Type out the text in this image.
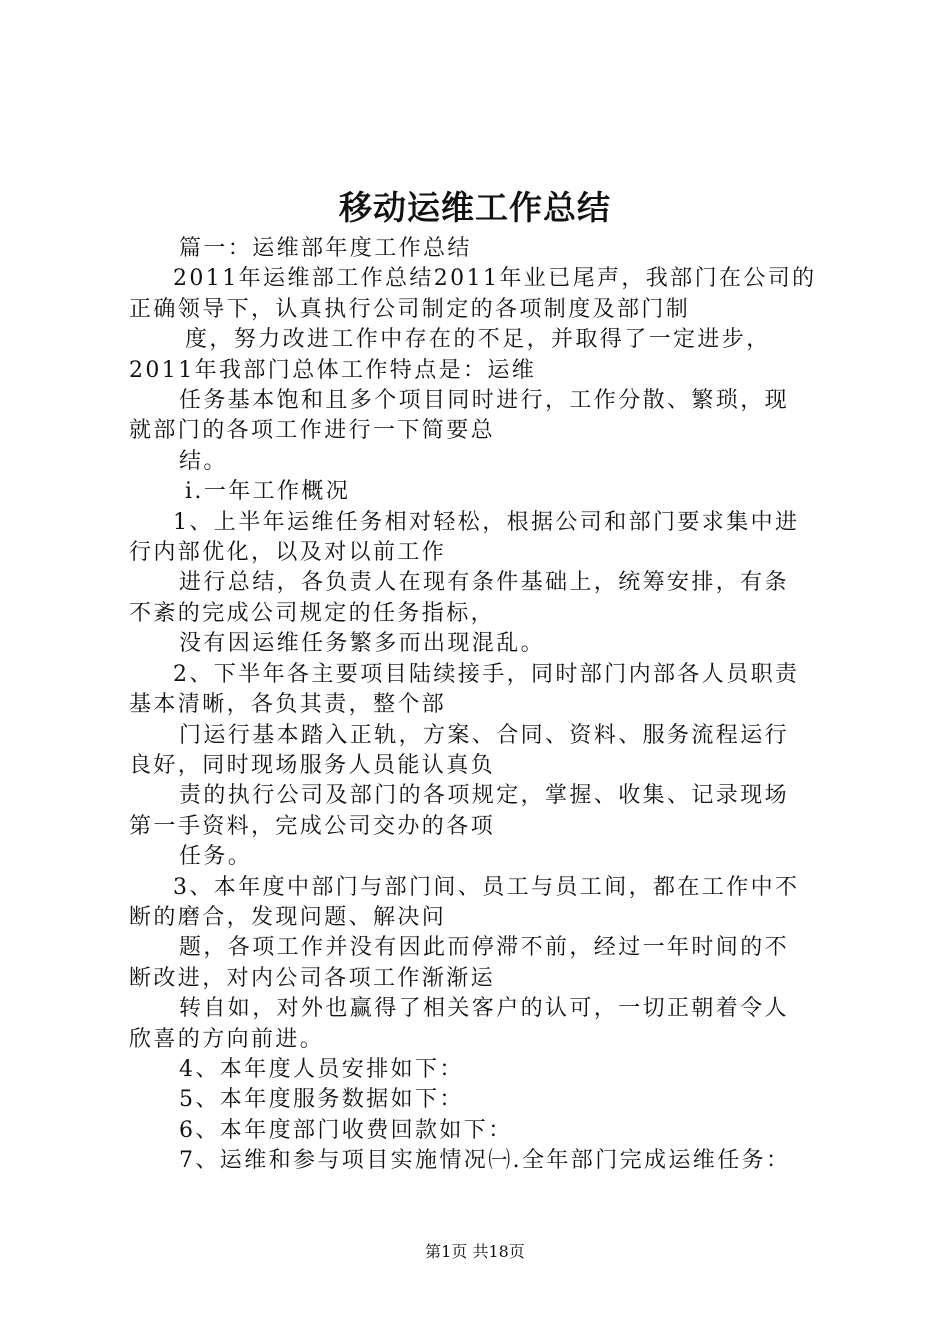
移动运维工作总结

篇一：运维部年度工作总结

2011年运维部工作总结2011年业已尾声，我部门在公司的

正确领导下，认真执行公司制定的各项制度及部门制

度，努力改进工作中存在的不足，并取得了一定进步，

2011年我部门总体工作特点是：运维

任务基本饱和且多个项目同时进行，工作分散、繁琐，现

就部门的各项工作进行一下简要总

结。

ⅰ.一年工作概况

1、上半年运维任务相对轻松，根据公司和部门要求集中进

行内部优化，以及对以前工作

进行总结，各负责人在现有条件基础上，统筹安排，有条

不紊的完成公司规定的任务指标，

没有因运维任务繁多而出现混乱。

2、下半年各主要项目陆续接手，同时部门内部各人员职责

基本清晰，各负其责，整个部

门运行基本踏入正轨，方案、合同、资料、服务流程运行

良好，同时现场服务人员能认真负

责的执行公司及部门的各项规定，掌握、收集、记录现场

第一手资料，完成公司交办的各项

任务。

3、本年度中部门与部门间、员工与员工间，都在工作中不

断的磨合，发现问题、解决问

题，各项工作并没有因此而停滞不前，经过一年时间的不

断改进，对内公司各项工作渐渐运

转自如，对外也赢得了相关客户的认可，一切正朝着令人

欣喜的方向前进。

4、本年度人员安排如下：

5、本年度服务数据如下：

6、本年度部门收费回款如下：

7、运维和参与项目实施情况㈠.全年部门完成运维任务：

第1页 共18页
